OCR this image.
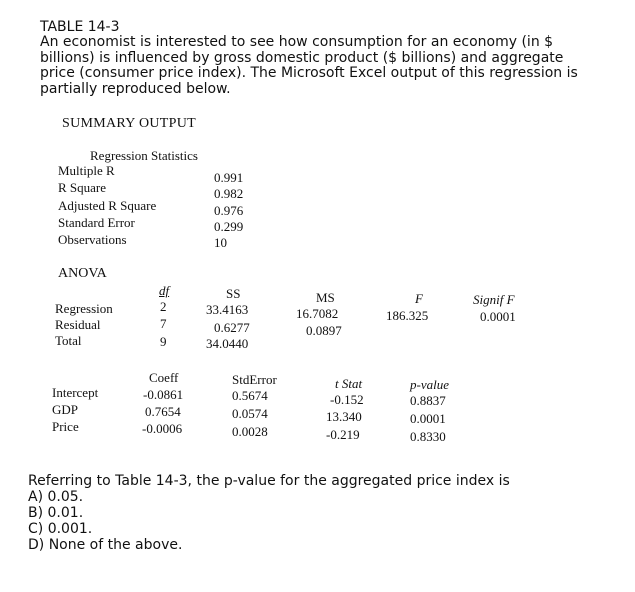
TABLE 14-3
An economist is interested to see how consumption for an economy (in $ billions) is influenced by gross domestic product ($ billions) and aggregate price (consumer price index). The Microsoft Excel output of this regression is partially reproduced below.
SUMMARY OUTPUT
Regression Statistics
Multiple R	0.991
R Square	0.982
Adjusted R Square	0.976
Standard Error	0.299
Observations	10
ANOVA
df	SS	MS	F	Signif F
Regression	2	33.4163	16.7082	186.325	0.0001
Residual	7	0.6277	0.0897
Total	9	34.0440
Coeff	StdError	t Stat	p-value
Intercept	-0.0861	0.5674	-0.152	0.8837
GDP	0.7654	0.0574	13.340	0.0001
Price	-0.0006	0.0028	-0.219	0.8330
Referring to Table 14-3, the p-value for the aggregated price index is
A) 0.05.
B) 0.01.
C) 0.001.
D) None of the above.
